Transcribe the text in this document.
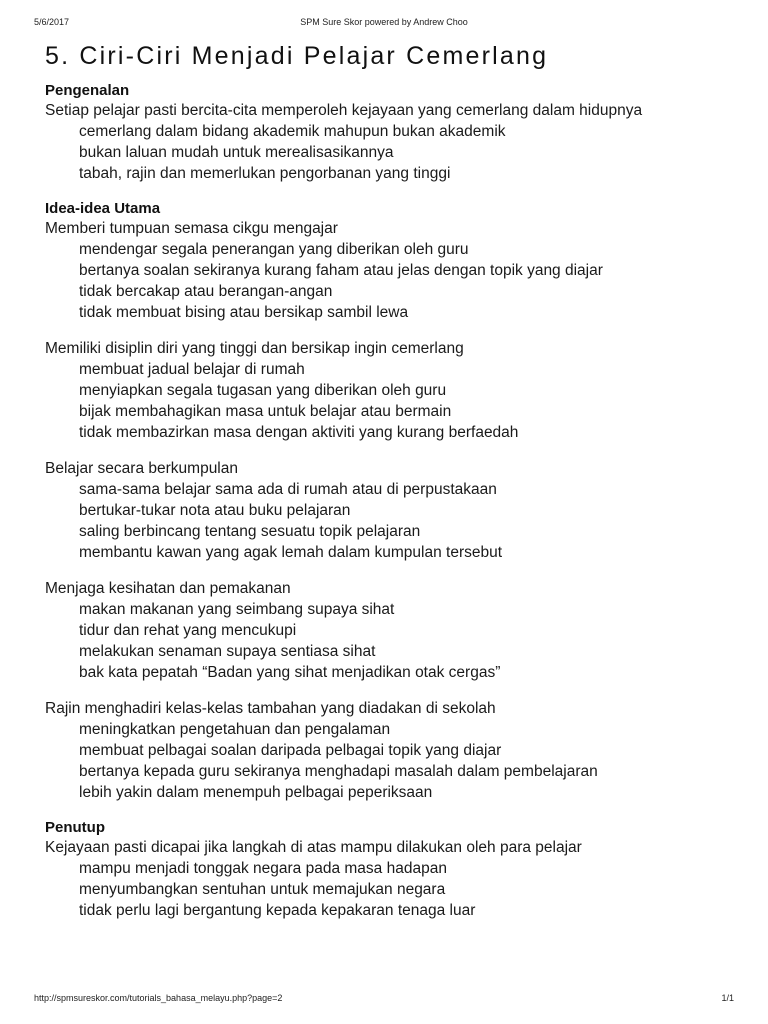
5/6/2017	SPM Sure Skor powered by Andrew Choo
5. Ciri-Ciri Menjadi Pelajar Cemerlang

Pengenalan

Setiap pelajar pasti bercita-cita memperoleh kejayaan yang cemerlang dalam hidupnya

cemerlang dalam bidang akademik mahupun bukan akademik

bukan laluan mudah untuk merealisasikannya

tabah, rajin dan memerlukan pengorbanan yang tinggi

Idea-idea Utama

Memberi tumpuan semasa cikgu mengajar

mendengar segala penerangan yang diberikan oleh guru

bertanya soalan sekiranya kurang faham atau jelas dengan topik yang diajar

tidak bercakap atau berangan-angan

tidak membuat bising atau bersikap sambil lewa

Memiliki disiplin diri yang tinggi dan bersikap ingin cemerlang

membuat jadual belajar di rumah

menyiapkan segala tugasan yang diberikan oleh guru

bijak membahagikan masa untuk belajar atau bermain

tidak membazirkan masa dengan aktiviti yang kurang berfaedah

Belajar secara berkumpulan

sama-sama belajar sama ada di rumah atau di perpustakaan

bertukar-tukar nota atau buku pelajaran

saling berbincang tentang sesuatu topik pelajaran

membantu kawan yang agak lemah dalam kumpulan tersebut

Menjaga kesihatan dan pemakanan

makan makanan yang seimbang supaya sihat

tidur dan rehat yang mencukupi

melakukan senaman supaya sentiasa sihat

bak kata pepatah “Badan yang sihat menjadikan otak cergas”

Rajin menghadiri kelas-kelas tambahan yang diadakan di sekolah

meningkatkan pengetahuan dan pengalaman

membuat pelbagai soalan daripada pelbagai topik yang diajar

bertanya kepada guru sekiranya menghadapi masalah dalam pembelajaran

lebih yakin dalam menempuh pelbagai peperiksaan

Penutup

Kejayaan pasti dicapai jika langkah di atas mampu dilakukan oleh para pelajar

mampu menjadi tonggak negara pada masa hadapan

menyumbangkan sentuhan untuk memajukan negara

tidak perlu lagi bergantung kepada kepakaran tenaga luar

http://spmsureskor.com/tutorials_bahasa_melayu.php?page=2	1/1
